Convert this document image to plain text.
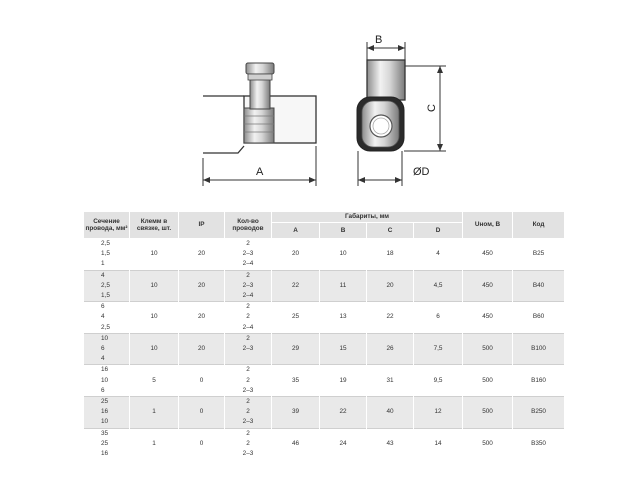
A
B
C
ØD
Сечение провода, мм²	Клемм в связке, шт.	IP	Кол-во проводов	Габариты, мм				Uном, В	Код
				A	B	C	D		
2,5	10	20	2	20	10	18	4	450	B25
1,5			2–3						
1			2–4						
4	10	20	2	22	11	20	4,5	450	B40
2,5			2–3						
1,5			2–4						
6	10	20	2	25	13	22	6	450	B60
4			2						
2,5			2–4						
10	10	20	2	29	15	26	7,5	500	B100
6			2–3						
4									
16	5	0	2	35	19	31	9,5	500	B160
10			2						
6			2–3						
25	1	0	2	39	22	40	12	500	B250
16			2						
10			2–3						
35	1	0	2	46	24	43	14	500	B350
25			2						
16			2–3						
